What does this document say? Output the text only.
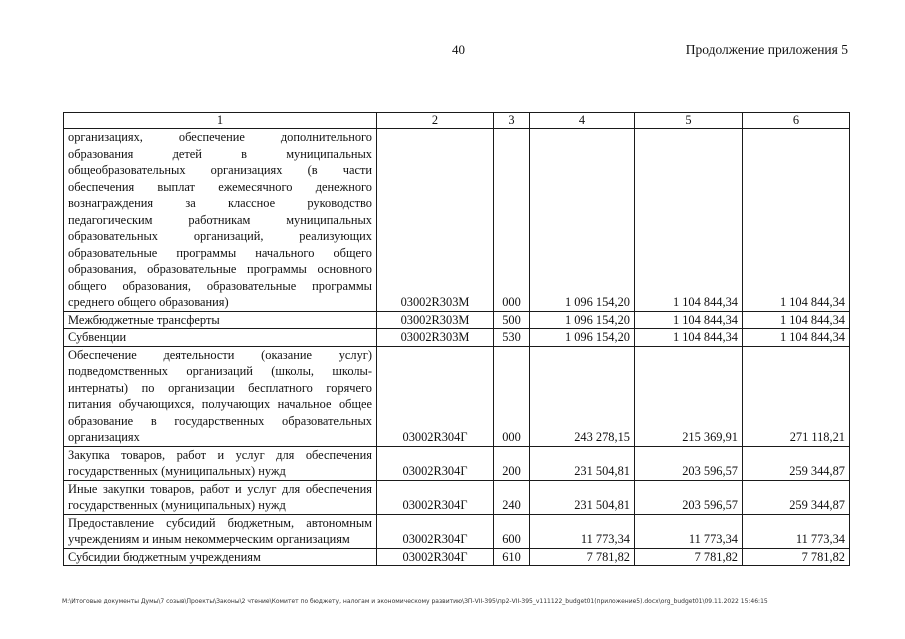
40	Продолжение приложения 5
1	2	3	4	5	6
организациях, обеспечение дополнительного образования детей в муниципальных общеобразовательных организациях (в части обеспечения выплат ежемесячного денежного вознаграждения за классное руководство педагогическим работникам муниципальных образовательных организаций, реализующих образовательные программы начального общего образования, образовательные программы основного общего образования, образовательные программы среднего общего образования)	03002R303M	000	1 096 154,20	1 104 844,34	1 104 844,34
Межбюджетные трансферты	03002R303M	500	1 096 154,20	1 104 844,34	1 104 844,34
Субвенции	03002R303M	530	1 096 154,20	1 104 844,34	1 104 844,34
Обеспечение деятельности (оказание услуг) подведомственных организаций (школы, школы-интернаты) по организации бесплатного горячего питания обучающихся, получающих начальное общее образование в государственных образовательных организациях	03002R304Г	000	243 278,15	215 369,91	271 118,21
Закупка товаров, работ и услуг для обеспечения государственных (муниципальных) нужд	03002R304Г	200	231 504,81	203 596,57	259 344,87
Иные закупки товаров, работ и услуг для обеспечения государственных (муниципальных) нужд	03002R304Г	240	231 504,81	203 596,57	259 344,87
Предоставление субсидий бюджетным, автономным учреждениям и иным некоммерческим организациям	03002R304Г	600	11 773,34	11 773,34	11 773,34
Субсидии бюджетным учреждениям	03002R304Г	610	7 781,82	7 781,82	7 781,82
M:\Итоговые документы Думы\7 созыв\Проекты\Законы\2 чтение\Комитет по бюджету, налогам и экономическому развитию\ЗП-VII-395\пр2-VII-395_v111122_budget01(приложение5).docx\org_budget01\09.11.2022 15:46:15
